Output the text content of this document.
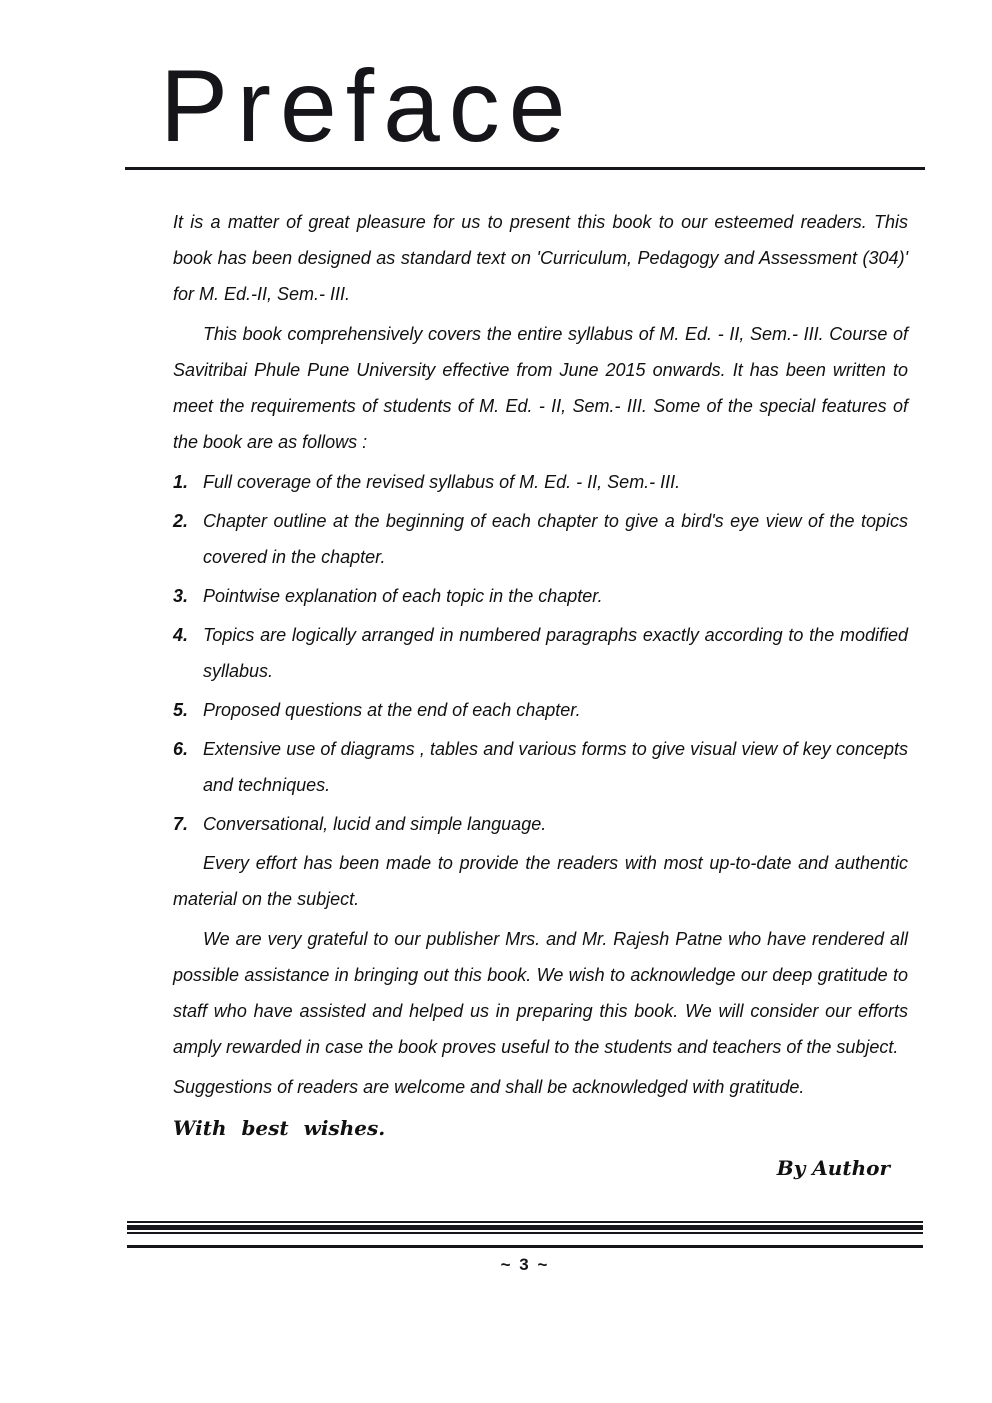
Preface

It is a matter of great pleasure for us to present this book to our esteemed readers. This book has been designed as standard text on 'Curriculum, Pedagogy and Assessment (304)' for M. Ed.-II, Sem.- III.

This book comprehensively covers the entire syllabus of M. Ed. - II, Sem.- III. Course of Savitribai Phule Pune University effective from June 2015 onwards. It has been written to meet the requirements of students of M. Ed. - II, Sem.- III. Some of the special features of the book are as follows :

1. Full coverage of the revised syllabus of M. Ed. - II, Sem.- III.
2. Chapter outline at the beginning of each chapter to give a bird's eye view of the topics covered in the chapter.
3. Pointwise explanation of each topic in the chapter.
4. Topics are logically arranged in numbered paragraphs exactly according to the modified syllabus.
5. Proposed questions at the end of each chapter.
6. Extensive use of diagrams , tables and various forms to give visual view of key concepts and techniques.
7. Conversational, lucid and simple language.

Every effort has been made to provide the readers with most up-to-date and authentic material on the subject.

We are very grateful to our publisher Mrs. and Mr. Rajesh Patne who have rendered all possible assistance in bringing out this book. We wish to acknowledge our deep gratitude to staff who have assisted and helped us in preparing this book. We will consider our efforts amply rewarded in case the book proves useful to the students and teachers of the subject.

Suggestions of readers are welcome and shall be acknowledged with gratitude.

With best wishes.

By Author

~ 3 ~
